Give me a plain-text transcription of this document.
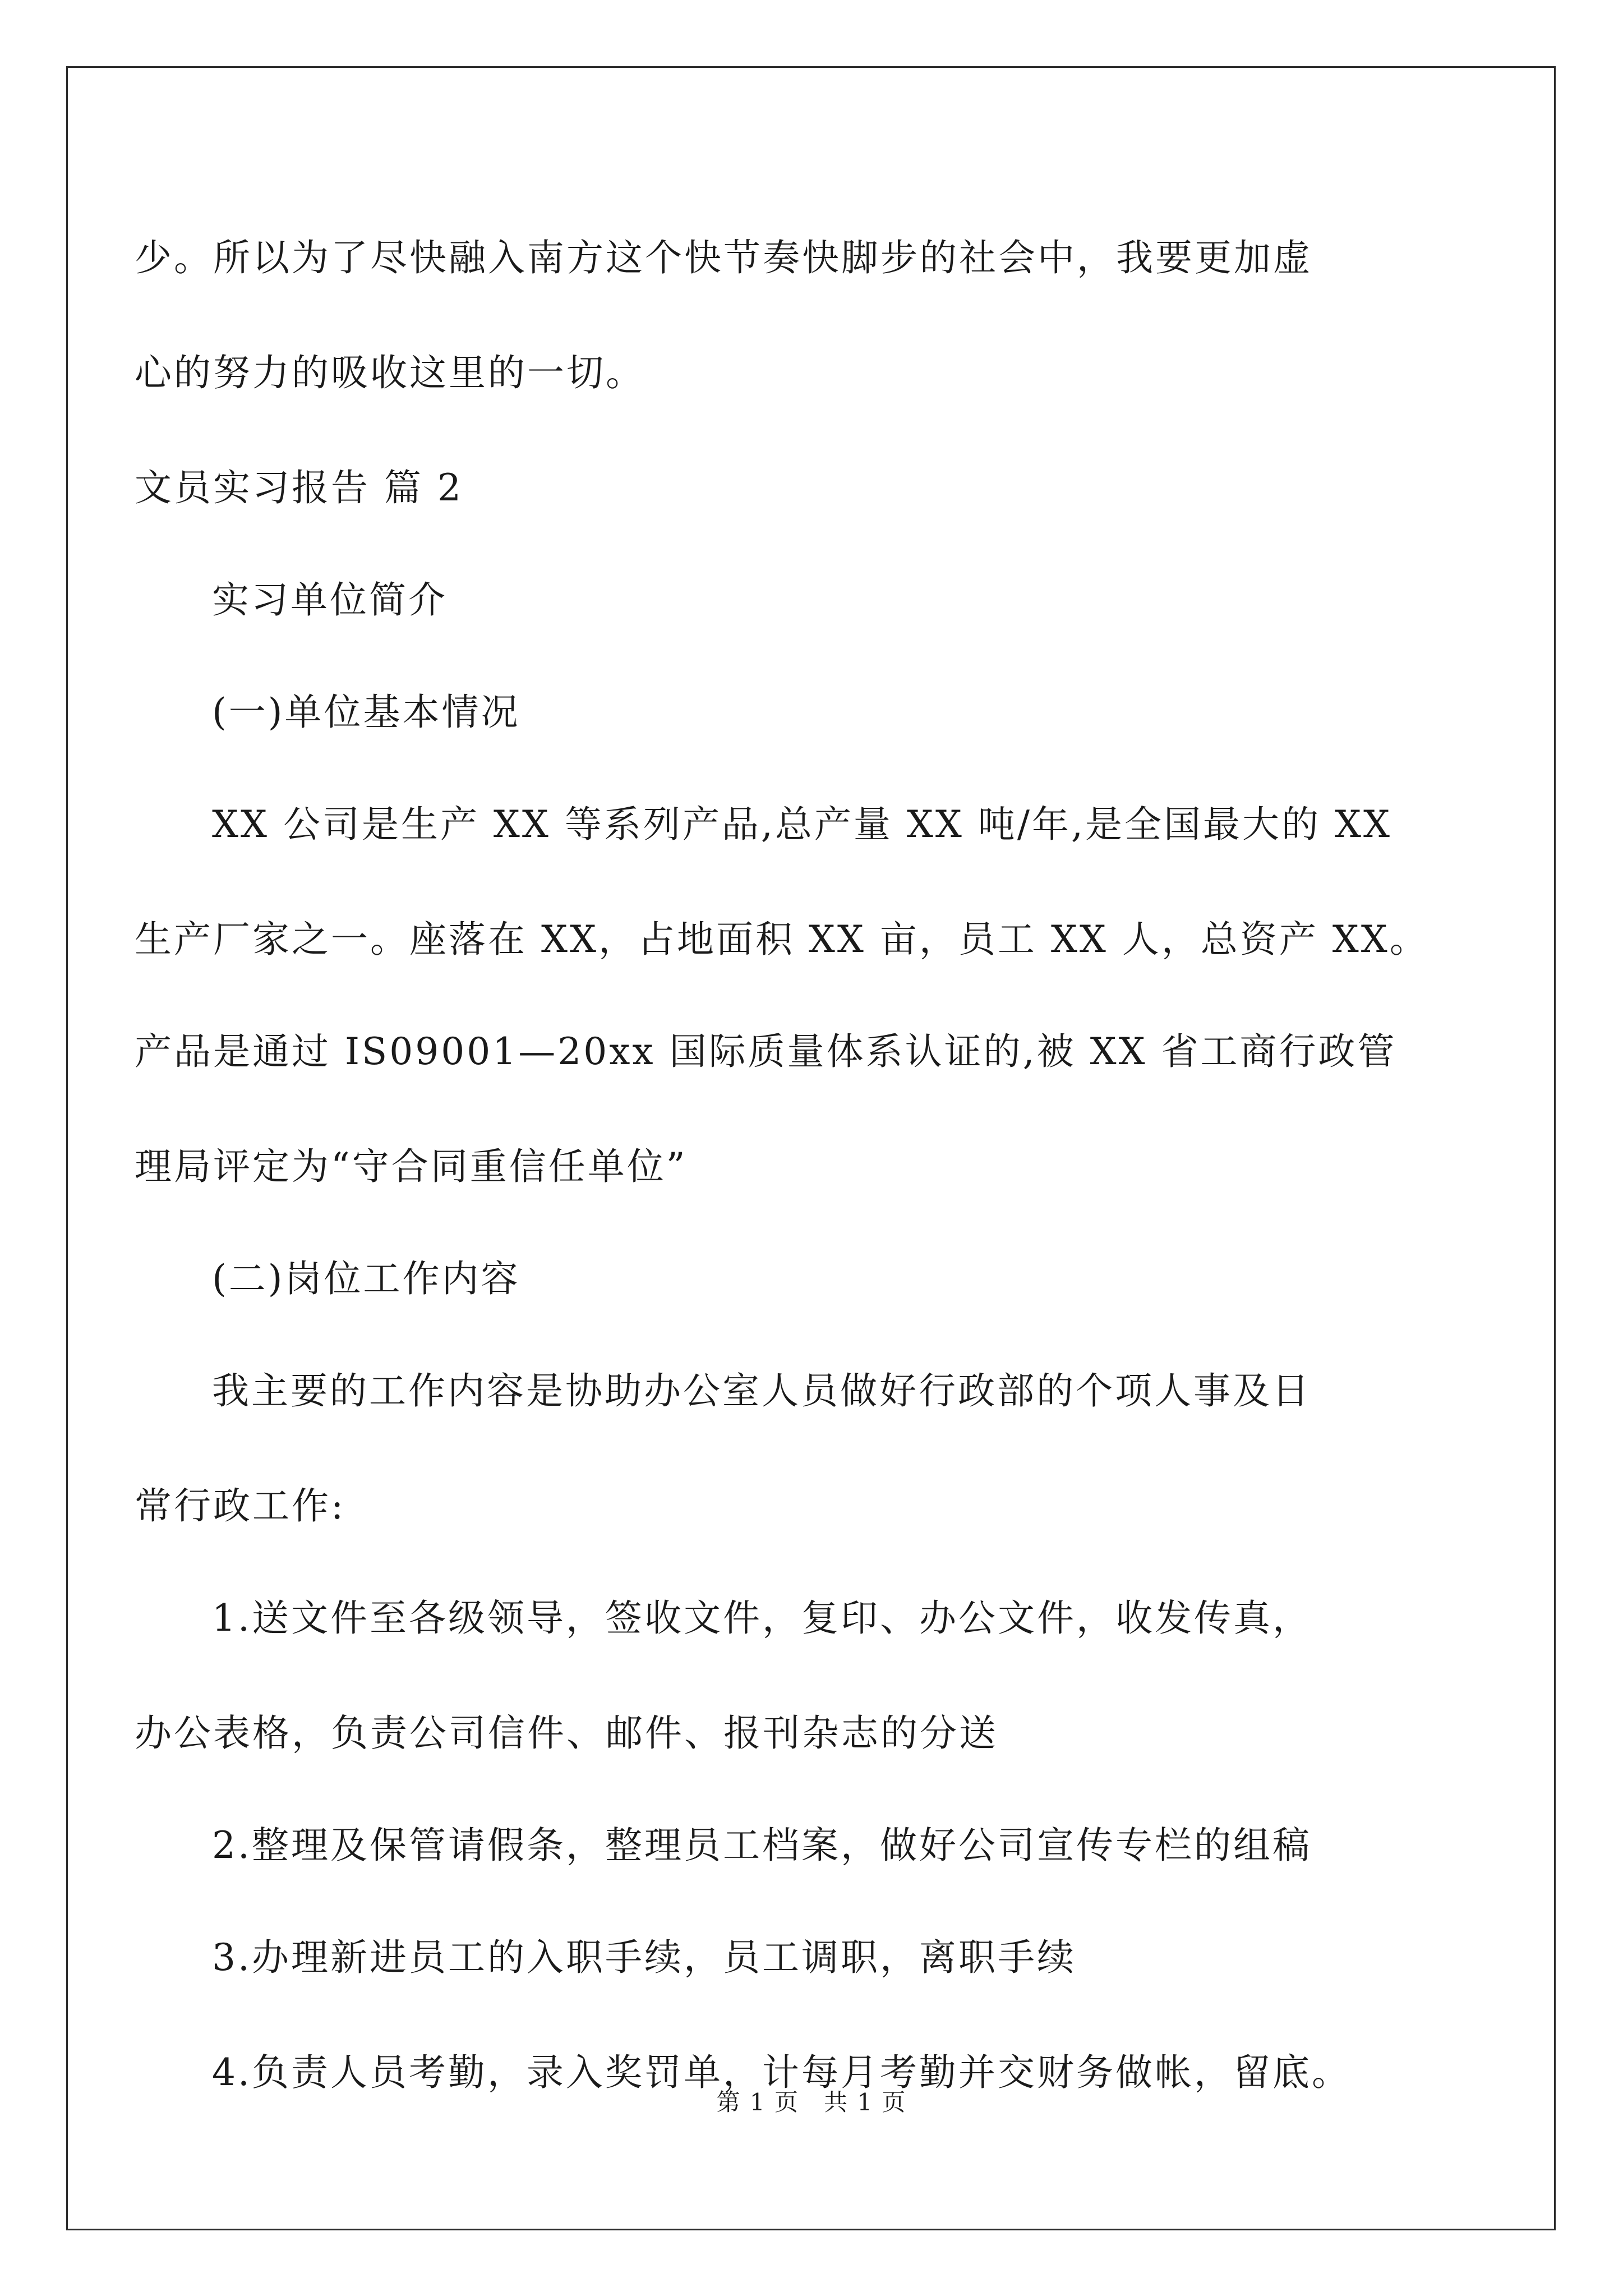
少。所以为了尽快融入南方这个快节奏快脚步的社会中，我要更加虚
心的努力的吸收这里的一切。
文员实习报告 篇 2
实习单位简介
(一)单位基本情况
XX 公司是生产 XX 等系列产品,总产量 XX 吨/年,是全国最大的 XX
生产厂家之一。座落在 XX，占地面积 XX 亩，员工 XX 人，总资产 XX。
产品是通过 IS09001—20xx 国际质量体系认证的,被 XX 省工商行政管
理局评定为“守合同重信任单位”
(二)岗位工作内容
我主要的工作内容是协助办公室人员做好行政部的个项人事及日
常行政工作:
1.送文件至各级领导，签收文件，复印、办公文件，收发传真，
办公表格，负责公司信件、邮件、报刊杂志的分送
2.整理及保管请假条，整理员工档案，做好公司宣传专栏的组稿
3.办理新进员工的入职手续，员工调职，离职手续
4.负责人员考勤，录入奖罚单，计每月考勤并交财务做帐，留底。
第 1 页　共 1 页
